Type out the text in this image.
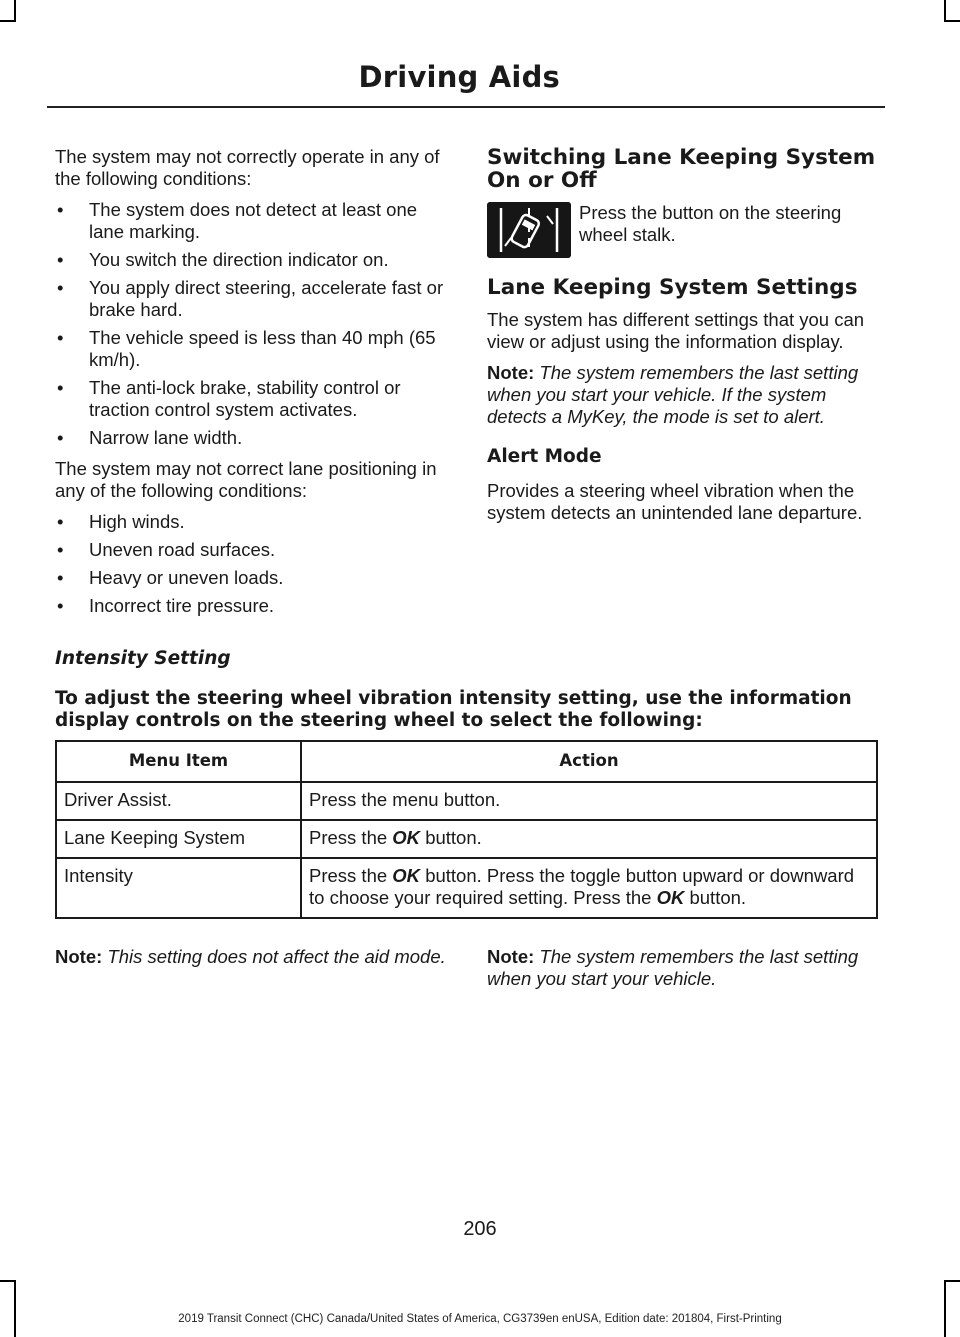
Driving Aids

The system may not correctly operate in any of the following conditions:

• The system does not detect at least one lane marking.
• You switch the direction indicator on.
• You apply direct steering, accelerate fast or brake hard.
• The vehicle speed is less than 40 mph (65 km/h).
• The anti-lock brake, stability control or traction control system activates.
• Narrow lane width.

The system may not correct lane positioning in any of the following conditions:

• High winds.
• Uneven road surfaces.
• Heavy or uneven loads.
• Incorrect tire pressure.
Switching Lane Keeping System On or Off

Press the button on the steering wheel stalk.

Lane Keeping System Settings

The system has different settings that you can view or adjust using the information display.

Note: The system remembers the last setting when you start your vehicle. If the system detects a MyKey, the mode is set to alert.

Alert Mode

Provides a steering wheel vibration when the system detects an unintended lane departure.

Intensity Setting
To adjust the steering wheel vibration intensity setting, use the information display controls on the steering wheel to select the following:
Menu Item	Action
Driver Assist.	Press the menu button.
Lane Keeping System	Press the OK button.
Intensity	Press the OK button. Press the toggle button upward or downward to choose your required setting. Press the OK button.
Note: This setting does not affect the aid mode. Note: The system remembers the last setting when you start your vehicle.
206
2019 Transit Connect (CHC) Canada/United States of America, CG3739en enUSA, Edition date: 201804, First-Printing
